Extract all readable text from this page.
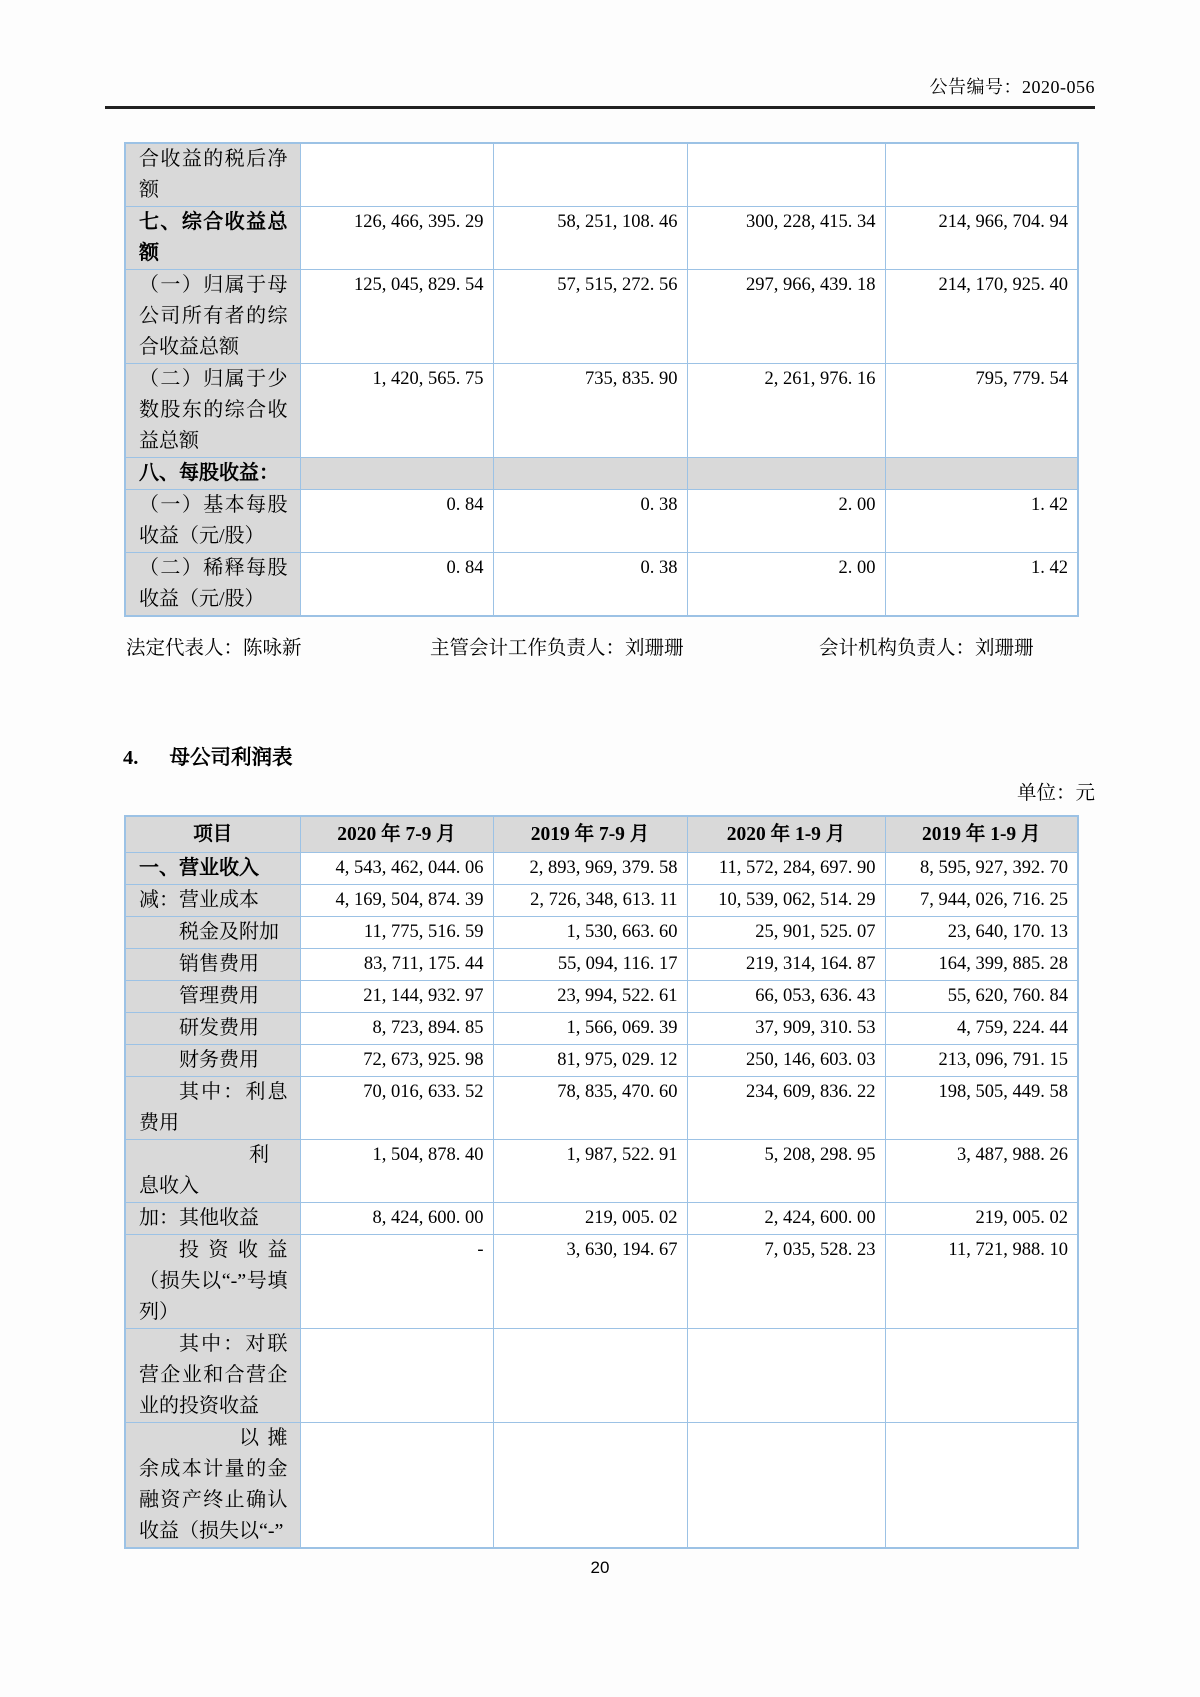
公告编号：2020-056
合收益的税后净额				

七、综合收益总额	126, 466, 395. 29	58, 251, 108. 46	300, 228, 415. 34	214, 966, 704. 94

（一）归属于母公司所有者的综合收益总额	125, 045, 829. 54	57, 515, 272. 56	297, 966, 439. 18	214, 170, 925. 40

（二）归属于少数股东的综合收益总额	1, 420, 565. 75	735, 835. 90	2, 261, 976. 16	795, 779. 54

八、每股收益：				

（一）基本每股收益（元/股）	0. 84	0. 38	2. 00	1. 42

（二）稀释每股收益（元/股）	0. 84	0. 38	2. 00	1. 42
法定代表人：陈咏新	主管会计工作负责人：刘珊珊	会计机构负责人：刘珊珊
4. 母公司利润表
单位：元
项目	2020 年 7-9 月	2019 年 7-9 月	2020 年 1-9 月	2019 年 1-9 月

一、营业收入	4, 543, 462, 044. 06	2, 893, 969, 379. 58	11, 572, 284, 697. 90	8, 595, 927, 392. 70

减：营业成本	4, 169, 504, 874. 39	2, 726, 348, 613. 11	10, 539, 062, 514. 29	7, 944, 026, 716. 25

税金及附加	11, 775, 516. 59	1, 530, 663. 60	25, 901, 525. 07	23, 640, 170. 13

销售费用	83, 711, 175. 44	55, 094, 116. 17	219, 314, 164. 87	164, 399, 885. 28

管理费用	21, 144, 932. 97	23, 994, 522. 61	66, 053, 636. 43	55, 620, 760. 84

研发费用	8, 723, 894. 85	1, 566, 069. 39	37, 909, 310. 53	4, 759, 224. 44

财务费用	72, 673, 925. 98	81, 975, 029. 12	250, 146, 603. 03	213, 096, 791. 15

其中：利息费用	70, 016, 633. 52	78, 835, 470. 60	234, 609, 836. 22	198, 505, 449. 58

利息收入	1, 504, 878. 40	1, 987, 522. 91	5, 208, 298. 95	3, 487, 988. 26

加：其他收益	8, 424, 600. 00	219, 005. 02	2, 424, 600. 00	219, 005. 02

投资收益（损失以“-”号填列）	-	3, 630, 194. 67	7, 035, 528. 23	11, 721, 988. 10

其中：对联营企业和合营企业的投资收益				

以摊余成本计量的金融资产终止确认收益（损失以“-”				

20
